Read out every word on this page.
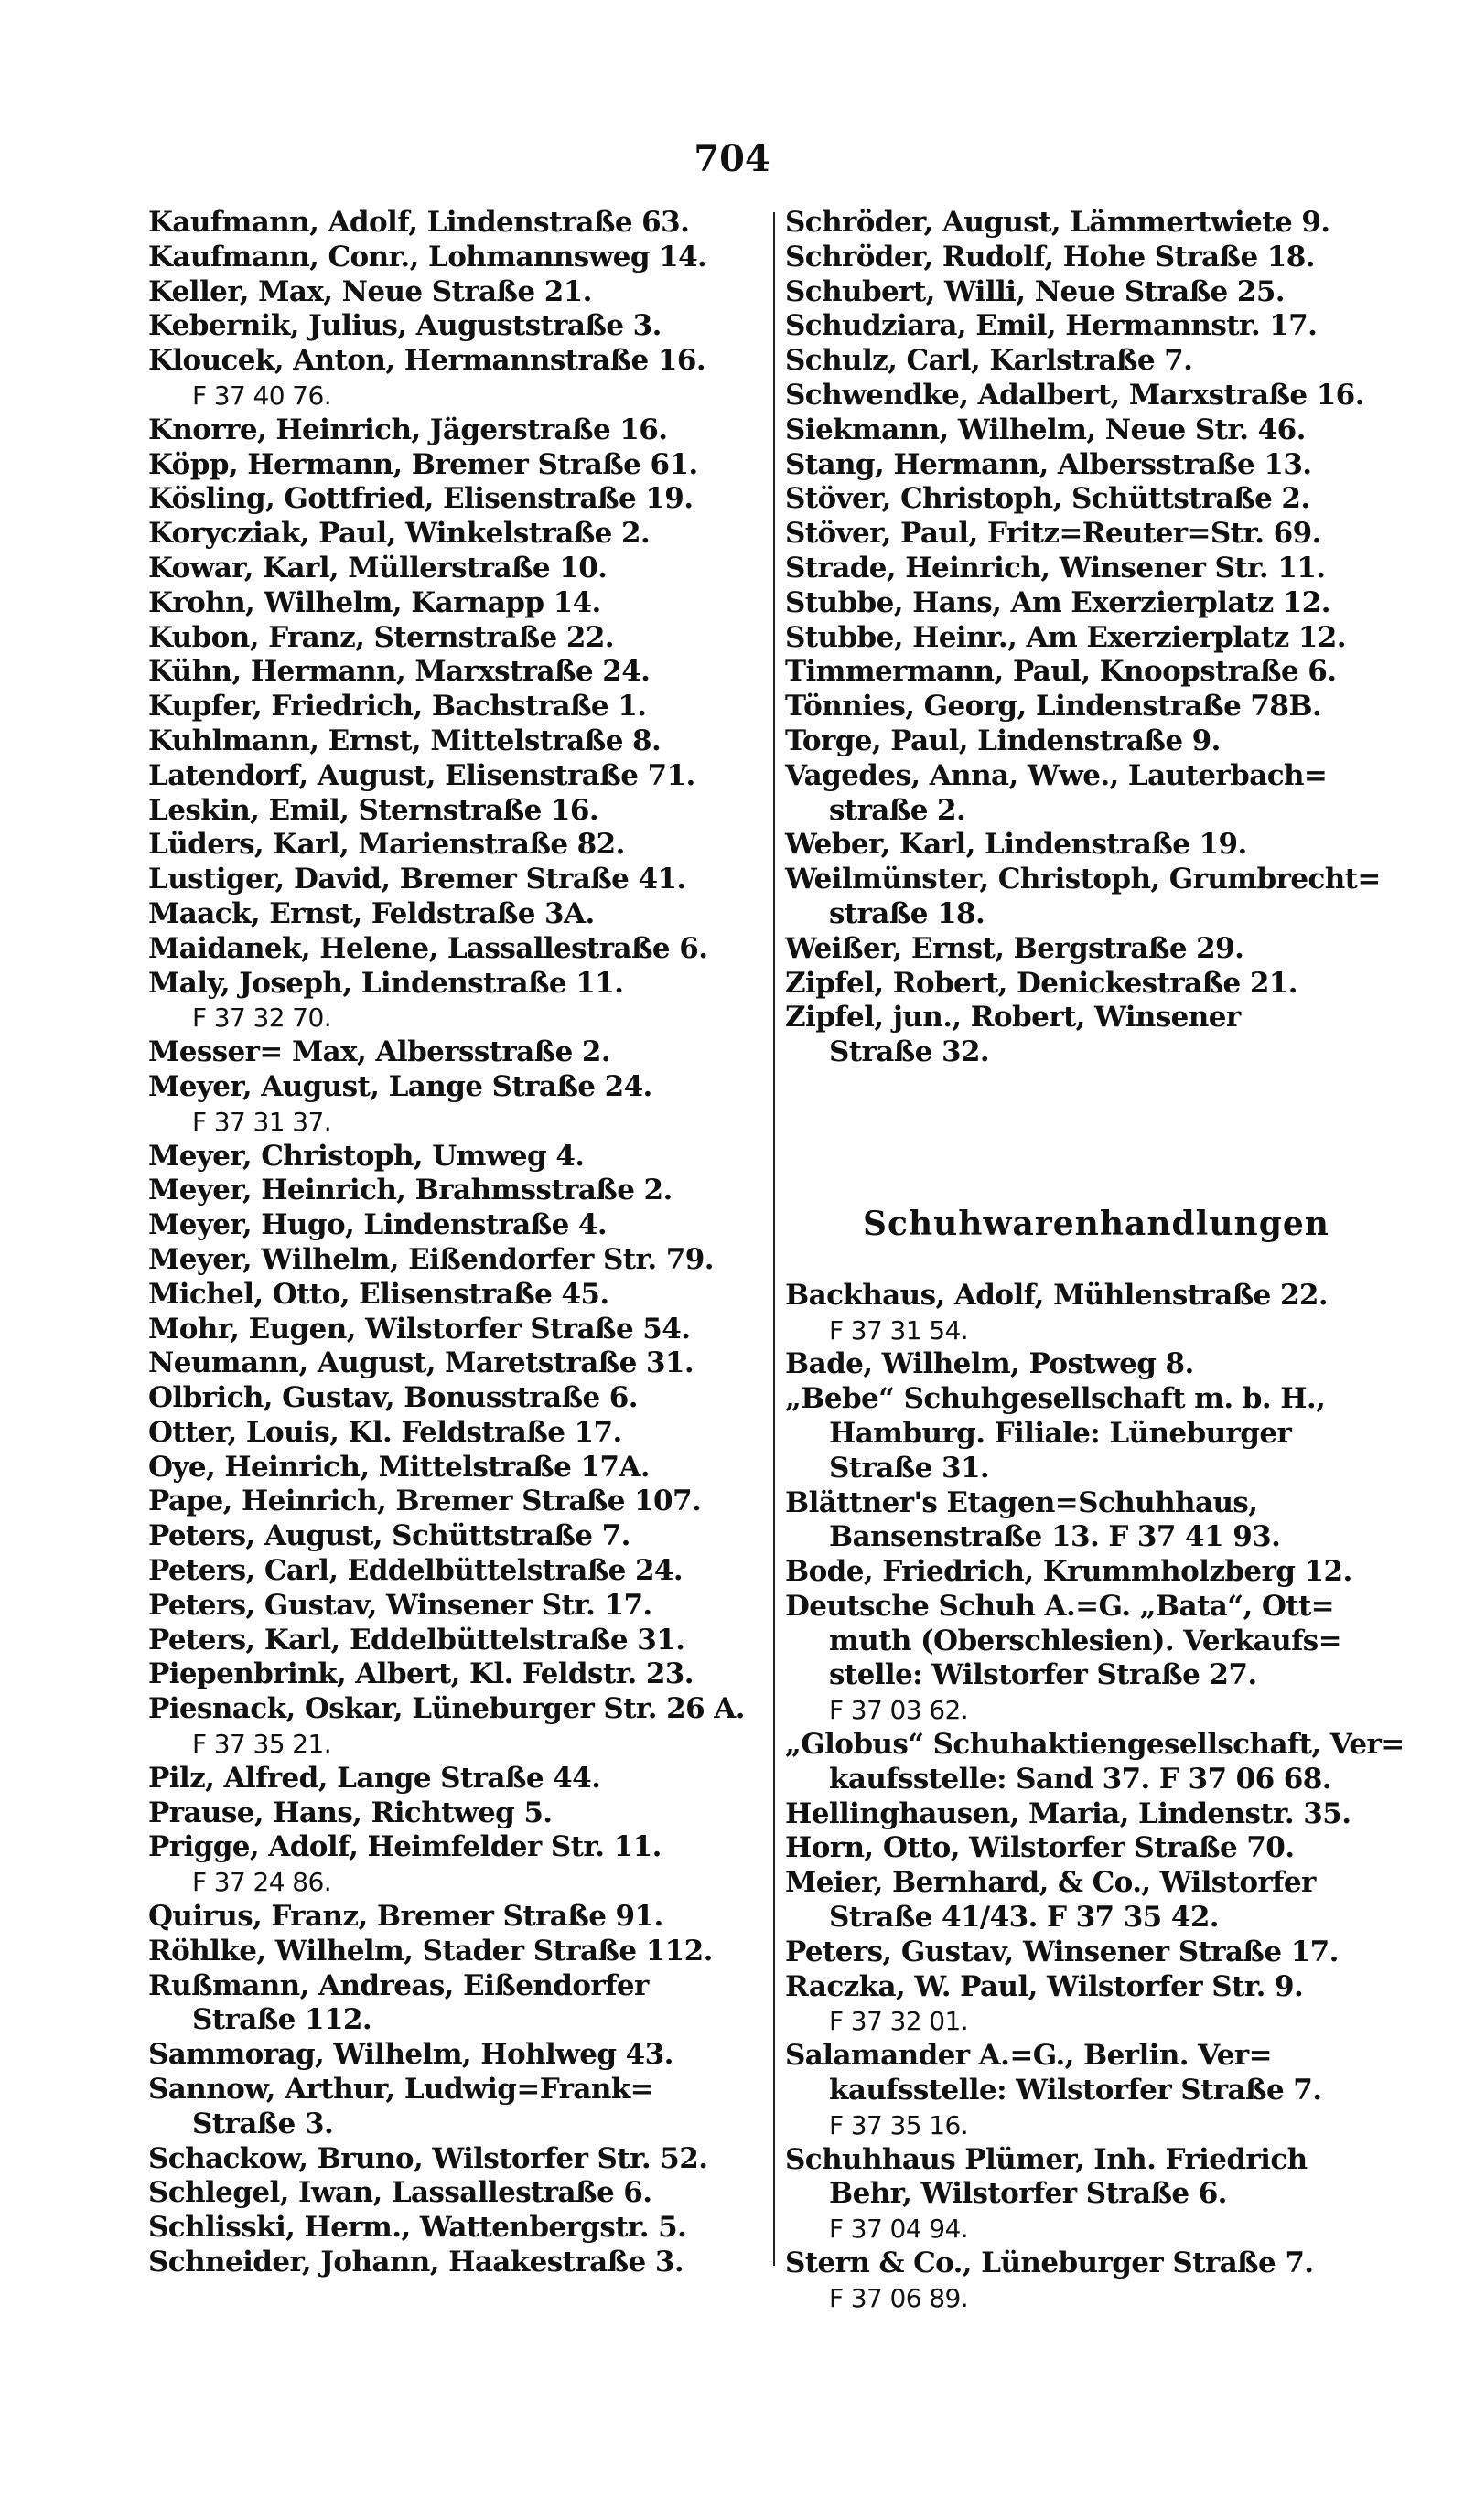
704
Kaufmann, Adolf, Lindenstraße 63.
Kaufmann, Conr., Lohmannsweg 14.
Keller, Max, Neue Straße 21.
Kebernik, Julius, Auguststraße 3.
Kloucek, Anton, Hermannstraße 16.
F 37 40 76.
Knorre, Heinrich, Jägerstraße 16.
Köpp, Hermann, Bremer Straße 61.
Kösling, Gottfried, Elisenstraße 19.
Korycziak, Paul, Winkelstraße 2.
Kowar, Karl, Müllerstraße 10.
Krohn, Wilhelm, Karnapp 14.
Kubon, Franz, Sternstraße 22.
Kühn, Hermann, Marxstraße 24.
Kupfer, Friedrich, Bachstraße 1.
Kuhlmann, Ernst, Mittelstraße 8.
Latendorf, August, Elisenstraße 71.
Leskin, Emil, Sternstraße 16.
Lüders, Karl, Marienstraße 82.
Lustiger, David, Bremer Straße 41.
Maack, Ernst, Feldstraße 3A.
Maidanek, Helene, Lassallestraße 6.
Maly, Joseph, Lindenstraße 11.
F 37 32 70.
Messer= Max, Albersstraße 2.
Meyer, August, Lange Straße 24.
F 37 31 37.
Meyer, Christoph, Umweg 4.
Meyer, Heinrich, Brahmsstraße 2.
Meyer, Hugo, Lindenstraße 4.
Meyer, Wilhelm, Eißendorfer Str. 79.
Michel, Otto, Elisenstraße 45.
Mohr, Eugen, Wilstorfer Straße 54.
Neumann, August, Maretstraße 31.
Olbrich, Gustav, Bonusstraße 6.
Otter, Louis, Kl. Feldstraße 17.
Oye, Heinrich, Mittelstraße 17A.
Pape, Heinrich, Bremer Straße 107.
Peters, August, Schüttstraße 7.
Peters, Carl, Eddelbüttelstraße 24.
Peters, Gustav, Winsener Str. 17.
Peters, Karl, Eddelbüttelstraße 31.
Piepenbrink, Albert, Kl. Feldstr. 23.
Piesnack, Oskar, Lüneburger Str. 26 A.
F 37 35 21.
Pilz, Alfred, Lange Straße 44.
Prause, Hans, Richtweg 5.
Prigge, Adolf, Heimfelder Str. 11.
F 37 24 86.
Quirus, Franz, Bremer Straße 91.
Röhlke, Wilhelm, Stader Straße 112.
Rußmann, Andreas, Eißendorfer
Straße 112.
Sammorag, Wilhelm, Hohlweg 43.
Sannow, Arthur, Ludwig=Frank=
Straße 3.
Schackow, Bruno, Wilstorfer Str. 52.
Schlegel, Iwan, Lassallestraße 6.
Schlisski, Herm., Wattenbergstr. 5.
Schneider, Johann, Haakestraße 3.
Schröder, August, Lämmertwiete 9.
Schröder, Rudolf, Hohe Straße 18.
Schubert, Willi, Neue Straße 25.
Schudziara, Emil, Hermannstr. 17.
Schulz, Carl, Karlstraße 7.
Schwendke, Adalbert, Marxstraße 16.
Siekmann, Wilhelm, Neue Str. 46.
Stang, Hermann, Albersstraße 13.
Stöver, Christoph, Schüttstraße 2.
Stöver, Paul, Fritz=Reuter=Str. 69.
Strade, Heinrich, Winsener Str. 11.
Stubbe, Hans, Am Exerzierplatz 12.
Stubbe, Heinr., Am Exerzierplatz 12.
Timmermann, Paul, Knoopstraße 6.
Tönnies, Georg, Lindenstraße 78B.
Torge, Paul, Lindenstraße 9.
Vagedes, Anna, Wwe., Lauterbach=
straße 2.
Weber, Karl, Lindenstraße 19.
Weilmünster, Christoph, Grumbrecht=
straße 18.
Weißer, Ernst, Bergstraße 29.
Zipfel, Robert, Denickestraße 21.
Zipfel, jun., Robert, Winsener
Straße 32.
Schuhwarenhandlungen
Backhaus, Adolf, Mühlenstraße 22.
F 37 31 54.
Bade, Wilhelm, Postweg 8.
„Bebe“ Schuhgesellschaft m. b. H.,
Hamburg. Filiale: Lüneburger
Straße 31.
Blättner's Etagen=Schuhhaus,
Bansenstraße 13. F 37 41 93.
Bode, Friedrich, Krummholzberg 12.
Deutsche Schuh A.=G. „Bata“, Ott=
muth (Oberschlesien). Verkaufs=
stelle: Wilstorfer Straße 27.
F 37 03 62.
„Globus“ Schuhaktiengesellschaft, Ver=
kaufsstelle: Sand 37. F 37 06 68.
Hellinghausen, Maria, Lindenstr. 35.
Horn, Otto, Wilstorfer Straße 70.
Meier, Bernhard, & Co., Wilstorfer
Straße 41/43. F 37 35 42.
Peters, Gustav, Winsener Straße 17.
Raczka, W. Paul, Wilstorfer Str. 9.
F 37 32 01.
Salamander A.=G., Berlin. Ver=
kaufsstelle: Wilstorfer Straße 7.
F 37 35 16.
Schuhhaus Plümer, Inh. Friedrich
Behr, Wilstorfer Straße 6.
F 37 04 94.
Stern & Co., Lüneburger Straße 7.
F 37 06 89.
